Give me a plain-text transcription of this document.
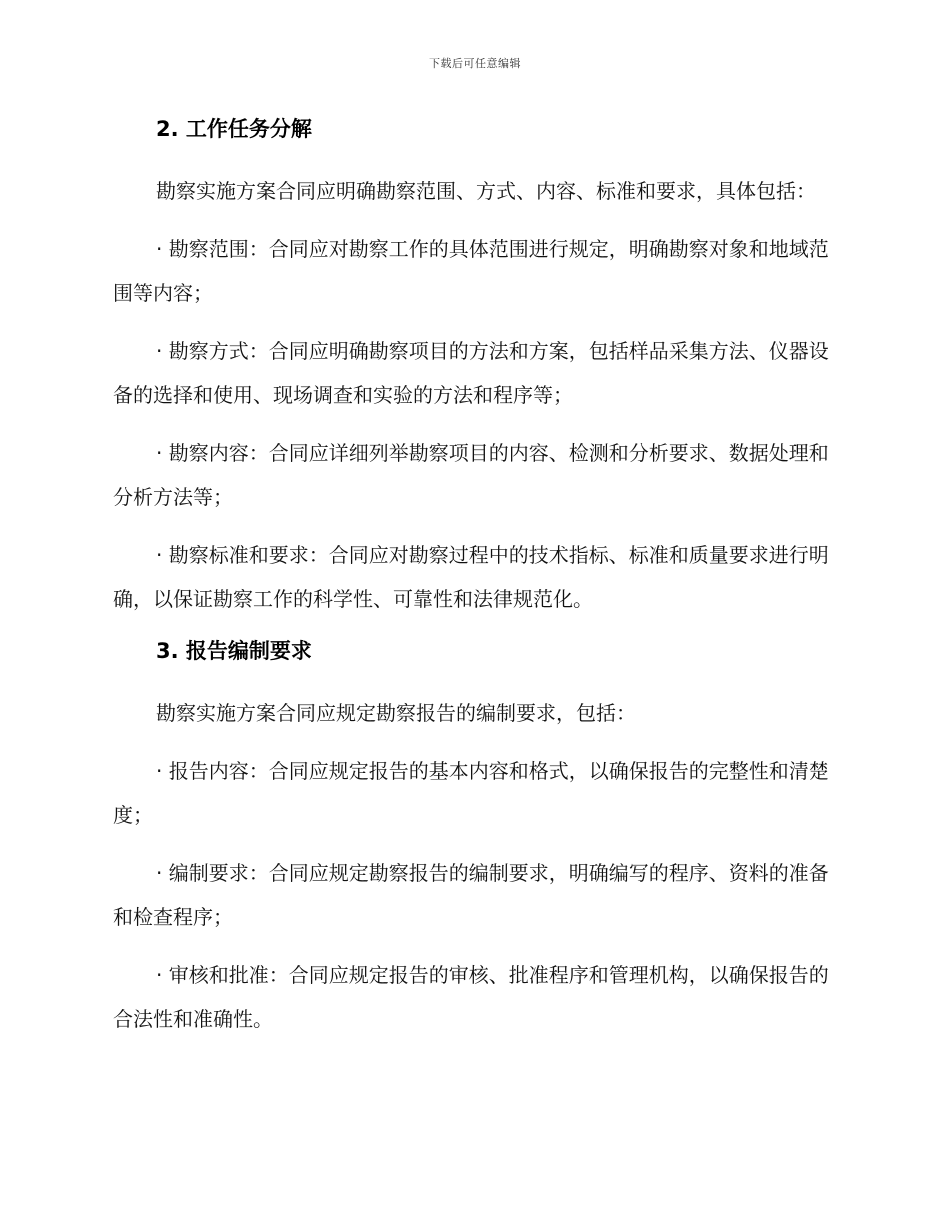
下载后可任意编辑
2. 工作任务分解

勘察实施方案合同应明确勘察范围、方式、内容、标准和要求，具体包括：

· 勘察范围：合同应对勘察工作的具体范围进行规定，明确勘察对象和地域范围等内容；

· 勘察方式：合同应明确勘察项目的方法和方案，包括样品采集方法、仪器设备的选择和使用、现场调查和实验的方法和程序等；

· 勘察内容：合同应详细列举勘察项目的内容、检测和分析要求、数据处理和分析方法等；

· 勘察标准和要求：合同应对勘察过程中的技术指标、标准和质量要求进行明确，以保证勘察工作的科学性、可靠性和法律规范化。

3. 报告编制要求

勘察实施方案合同应规定勘察报告的编制要求，包括：

· 报告内容：合同应规定报告的基本内容和格式，以确保报告的完整性和清楚度；

· 编制要求：合同应规定勘察报告的编制要求，明确编写的程序、资料的准备和检查程序；

· 审核和批准：合同应规定报告的审核、批准程序和管理机构，以确保报告的合法性和准确性。
